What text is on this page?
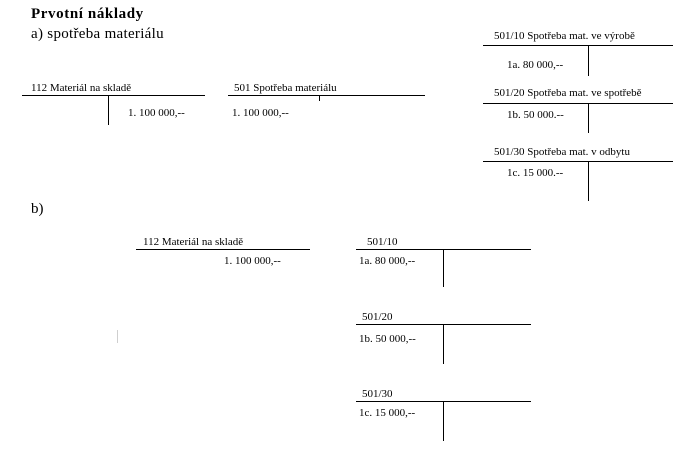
Prvotní náklady
a) spotřeba materiálu
112 Materiál na skladě
1. 100 000,--
501 Spotřeba materiálu
1. 100 000,--
501/10 Spotřeba mat. ve výrobě
1a. 80 000,--
501/20 Spotřeba mat. ve spotřebě
1b. 50 000.--
501/30 Spotřeba mat. v odbytu
1c. 15 000.--
b)
112 Materiál na skladě
1. 100 000,--
501/10
1a. 80 000,--
501/20
1b. 50 000,--
501/30
1c. 15 000,--
